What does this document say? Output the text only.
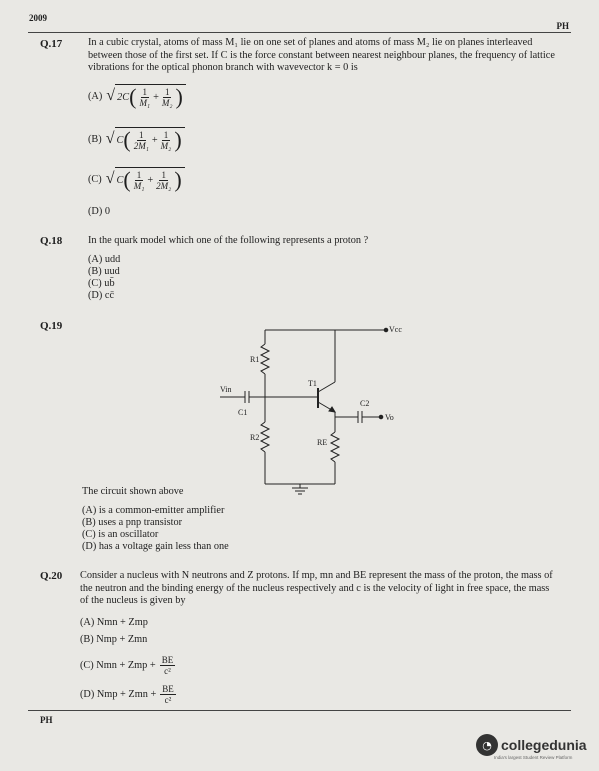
2009
PH
Q.17 In a cubic crystal, atoms of mass M₁ lie on one set of planes and atoms of mass M₂ lie on planes interleaved between those of the first set. If C is the force constant between nearest neighbour planes, the frequency of lattice vibrations for the optical phonon branch with wavevector k = 0 is
(A) √ 2C ( $\frac{1}{\text{M₁}} + \frac{1}{\text{M₂}}$ )
(B) √ C ( $\frac{1}{\text{2M₁}} + \frac{1}{\text{M₂}}$ )
(C) √ C ( $\frac{1}{\text{M₁}} + \frac{1}{\text{2M₂}}$ )
(D) 0
Q.18 In the quark model which one of the following represents a proton ?
(A) udd
(B) uud
(C) ub̄
(D) cc̄
Q.19	Vcc
R1
R2
RE
C1
C2
Vin
Vo
T1
The circuit shown above
(A) is a common-emitter amplifier
(B) uses a pnp transistor
(C) is an oscillator
(D) has a voltage gain less than one
Q.20 Consider a nucleus with N neutrons and Z protons. If mp, mn and BE represent the mass of the proton, the mass of the neutron and the binding energy of the nucleus respectively and c is the velocity of light in free space, the mass of the nucleus is given by
(A) Nmn + Zmp
(B) Nmp + Zmn
(C) Nmn + Zmp + $\frac{BE}{\text{c²}}$
(D) Nmp + Zmn + $\frac{BE}{\text{c²}}$
PH
◔ collegedunia
India's largest Student Review Platform
